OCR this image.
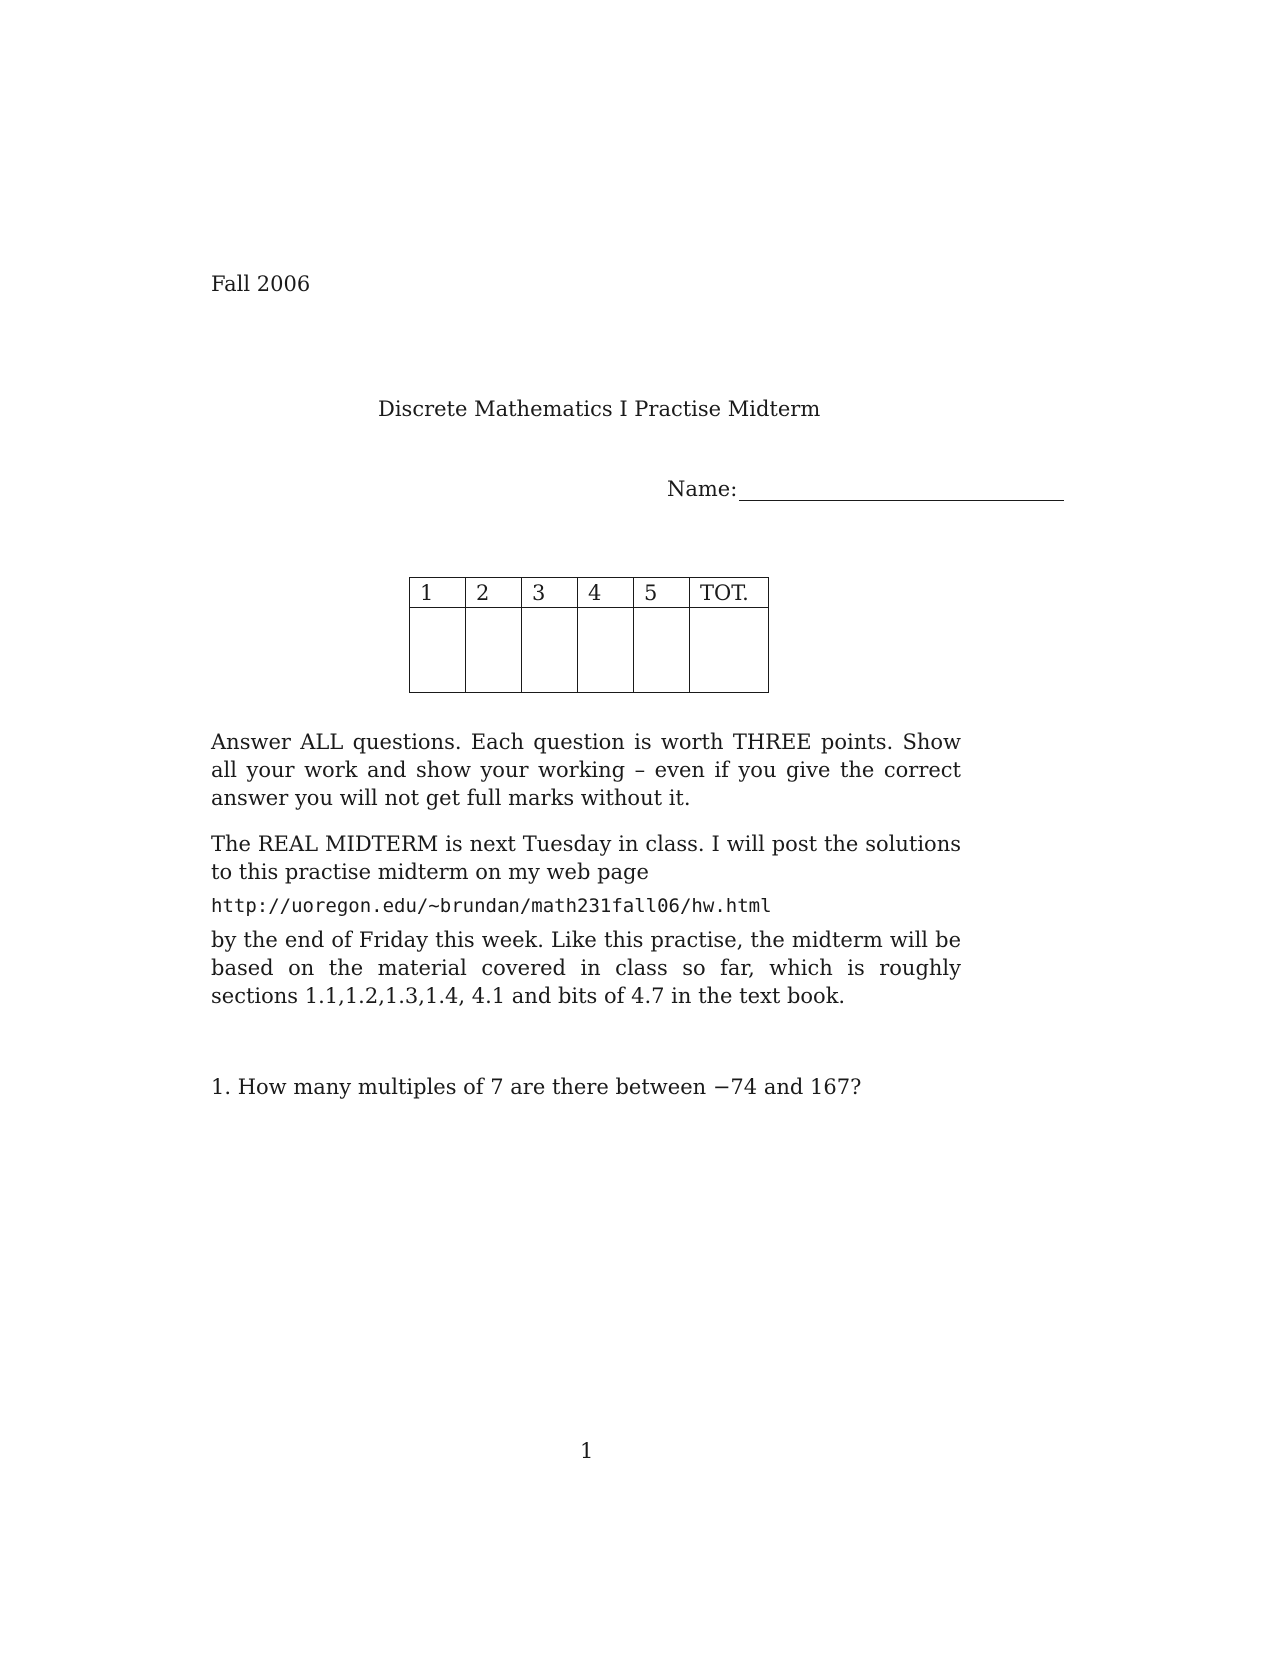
Fall 2006
Discrete Mathematics I Practise Midterm
Name:
1	2	3	4	5	TOT.

Answer ALL questions. Each question is worth THREE points. Show all your work and show your working – even if you give the correct answer you will not get full marks without it.

The REAL MIDTERM is next Tuesday in class. I will post the solutions to this practise midterm on my web page

http://uoregon.edu/∼brundan/math231fall06/hw.html

by the end of Friday this week. Like this practise, the midterm will be based on the material covered in class so far, which is roughly sections 1.1,1.2,1.3,1.4, 4.1 and bits of 4.7 in the text book.

1. How many multiples of 7 are there between −74 and 167?
1
